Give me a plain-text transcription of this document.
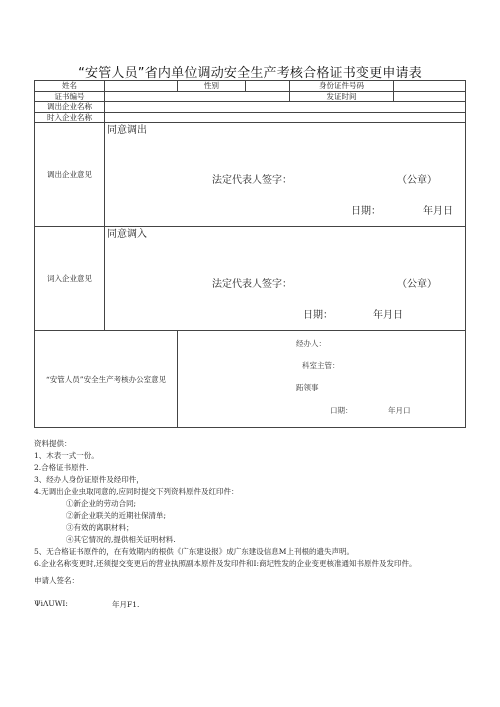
“安管人员”省内单位调动安全生产考核合格证书变更申请表
姓名		性别		身份证件号码	
证书编号				发证时间	
调出企业名称					
时入企业名称					
调出企业意见	同意调出
法定代表人签字： （公章）
日期： 年月日				

词入企业意见	同意调入
法定代表人签字： （公章）
日期： 年月日				

“安管人员”安全生产考核办公室意见		经办人：
科室主管：
跖领事
口期： 年月口			
资料提供：
1、木表一式一份。
2.合格证书原件.
3、经办人身份证原件及经印件，
4.无调出企业虫取同意的,应同时提交下列资料原件及红印件：
①新企业的劳动合同;
②新企业联关的近期社保清单;
③有效的离职材料；
④其它情况的,提供相关证明材料.
5、无合格证书原件的，在有效期内的根供《广东建设报》成广东建设信息M上刊根的遗失声明。
6.企业名称变更时,还须提交变更后的营业执照副本原件及发印件和I:商圮牲发的企业变更核准通知书原件及发印件。
申请人签名：
ΨiΛUWI:	年月F1.
